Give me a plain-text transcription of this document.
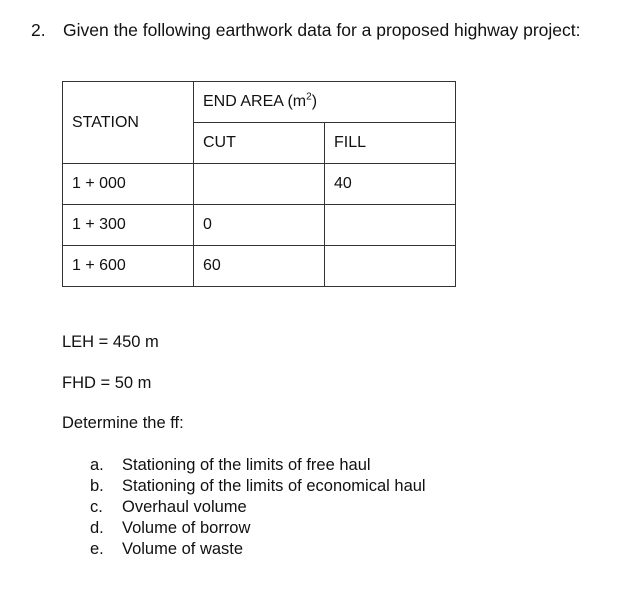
2. Given the following earthwork data for a proposed highway project:
STATION	END AREA $(m^2)$	
	CUT	FILL
1 + 000		40
1 + 300	0	
1 + 600	60	
LEH = 450 m
FHD = 50 m
Determine the ff:
a. Stationing of the limits of free haul
b. Stationing of the limits of economical haul
c. Overhaul volume
d. Volume of borrow
e. Volume of waste
